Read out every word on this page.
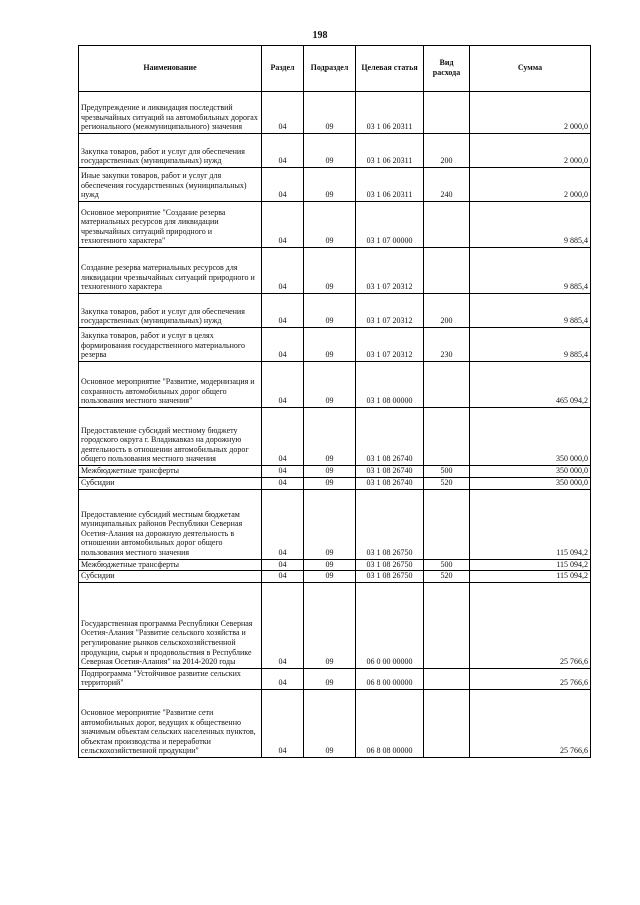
198
Наименование	Раздел	Подраздел	Целевая статья	Вид расхода	Сумма
Предупреждение и ликвидация последствий чрезвычайных ситуаций на автомобильных дорогах регионального (межмуниципального) значения	04	09	03 1 06 20311		2 000,0
Закупка товаров, работ и услуг для обеспечения государственных (муниципальных) нужд	04	09	03 1 06 20311	200	2 000,0
Иные закупки товаров, работ и услуг для обеспечения государственных (муниципальных) нужд	04	09	03 1 06 20311	240	2 000,0
Основное мероприятие "Создание резерва материальных ресурсов для ликвидации чрезвычайных ситуаций природного и техногенного характера"	04	09	03 1 07 00000		9 885,4
Создание резерва материальных ресурсов для ликвидации чрезвычайных ситуаций природного и техногенного характера	04	09	03 1 07 20312		9 885,4
Закупка товаров, работ и услуг для обеспечения государственных (муниципальных) нужд	04	09	03 1 07 20312	200	9 885,4
Закупка товаров, работ и услуг в целях формирования государственного материального резерва	04	09	03 1 07 20312	230	9 885,4
Основное мероприятие "Развитие, модернизация и сохранность автомобильных дорог общего пользования местного значения"	04	09	03 1 08 00000		465 094,2
Предоставление субсидий местному бюджету городского округа г. Владикавказ на дорожную деятельность в отношении автомобильных дорог общего пользования местного значения	04	09	03 1 08 26740		350 000,0
Межбюджетные трансферты	04	09	03 1 08 26740	500	350 000,0
Субсидии	04	09	03 1 08 26740	520	350 000,0
Предоставление субсидий местным бюджетам муниципальных районов Республики Северная Осетия-Алания на дорожную деятельность в отношении автомобильных дорог общего пользования местного значения	04	09	03 1 08 26750		115 094,2
Межбюджетные трансферты	04	09	03 1 08 26750	500	115 094,2
Субсидии	04	09	03 1 08 26750	520	115 094,2
Государственная программа Республики Северная Осетия-Алания "Развитие сельского хозяйства и регулирование рынков сельскохозяйственной продукции, сырья и продовольствия в Республике Северная Осетия-Алания" на 2014-2020 годы	04	09	06 0 00 00000		25 766,6
Подпрограмма "Устойчивое развитие сельских территорий"	04	09	06 8 00 00000		25 766,6
Основное мероприятие "Развитие сети автомобильных дорог, ведущих к общественно значимым объектам сельских населенных пунктов, объектам производства и переработки сельскохозяйственной продукции"	04	09	06 8 08 00000		25 766,6
